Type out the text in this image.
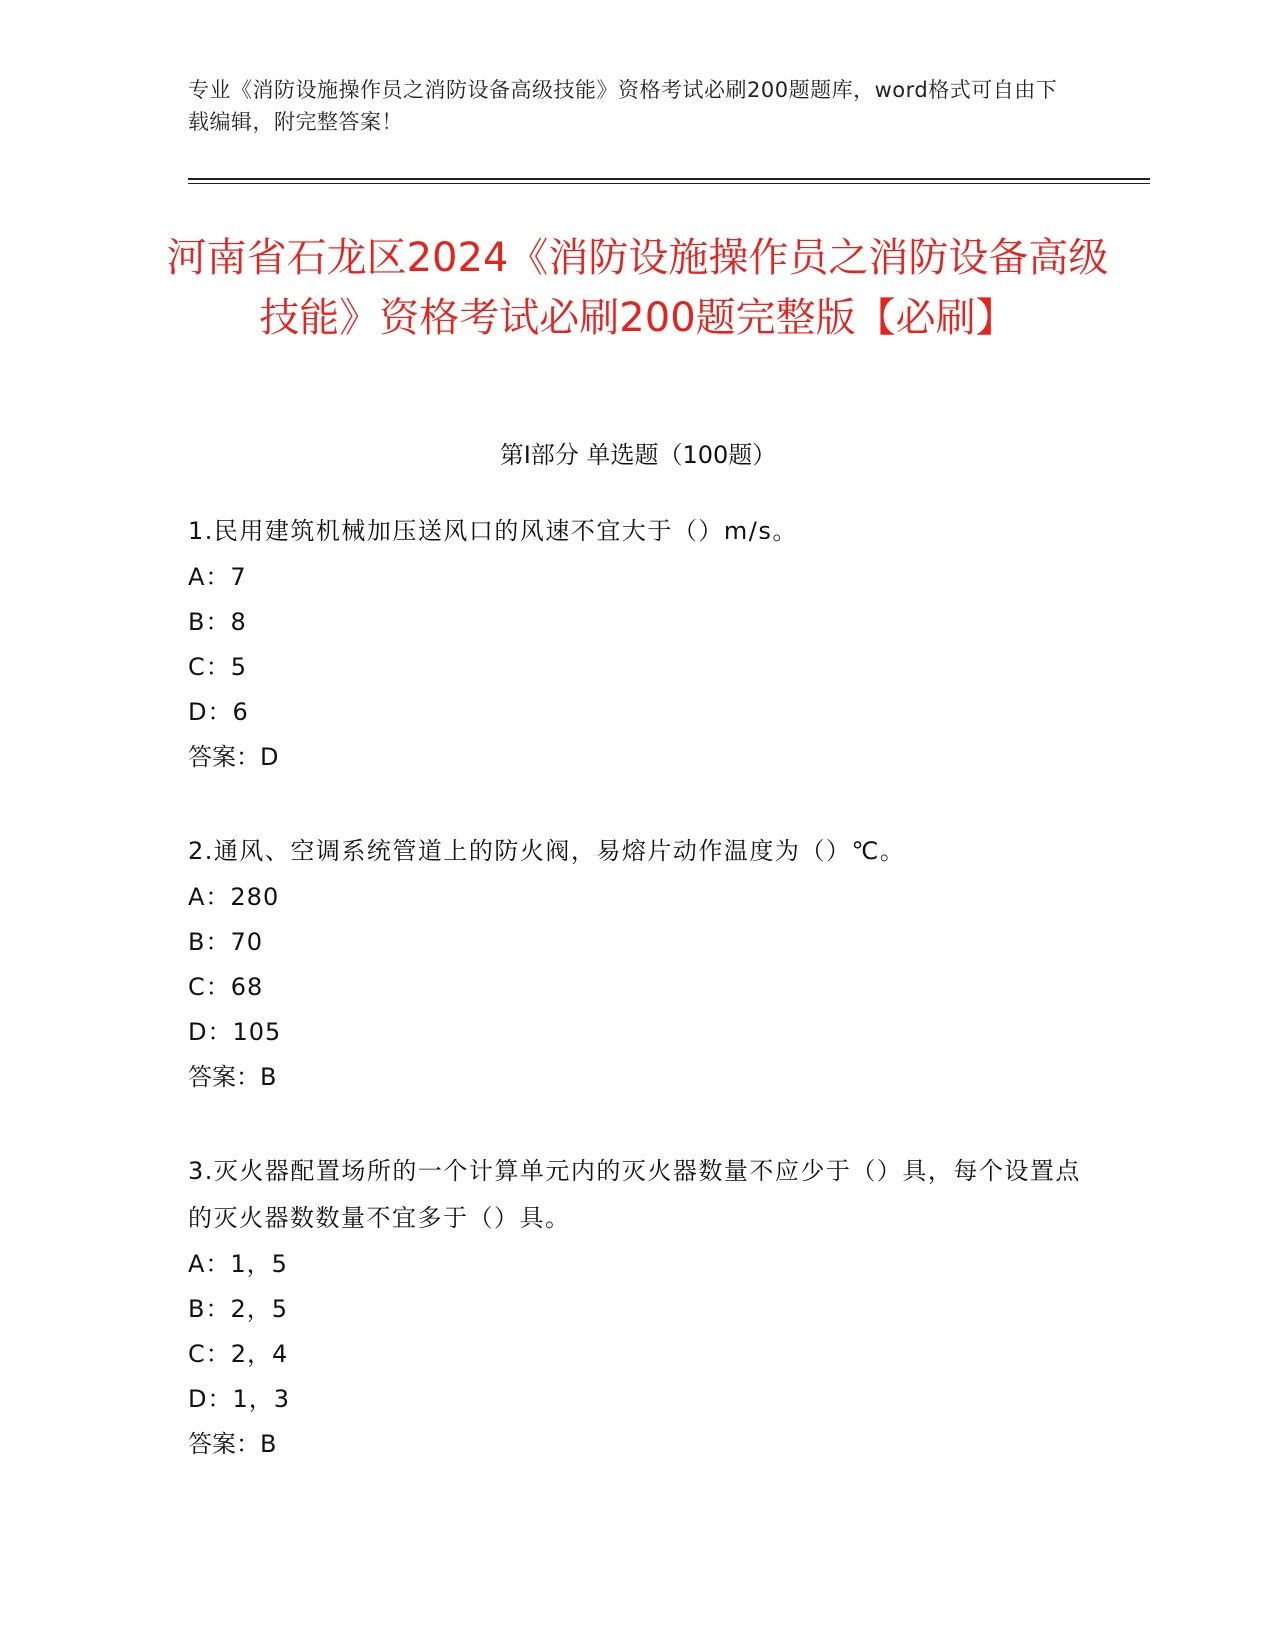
专业《消防设施操作员之消防设备高级技能》资格考试必刷200题题库，word格式可自由下载编辑，附完整答案！
河南省石龙区2024《消防设施操作员之消防设备高级技能》资格考试必刷200题完整版【必刷】
第I部分 单选题（100题）
1.民用建筑机械加压送风口的风速不宜大于（）m/s。
A：7
B：8
C：5
D：6
答案：D
2.通风、空调系统管道上的防火阀，易熔片动作温度为（）℃。
A：280
B：70
C：68
D：105
答案：B
3.灭火器配置场所的一个计算单元内的灭火器数量不应少于（）具，每个设置点的灭火器数数量不宜多于（）具。
A：1，5
B：2，5
C：2，4
D：1，3
答案：B
